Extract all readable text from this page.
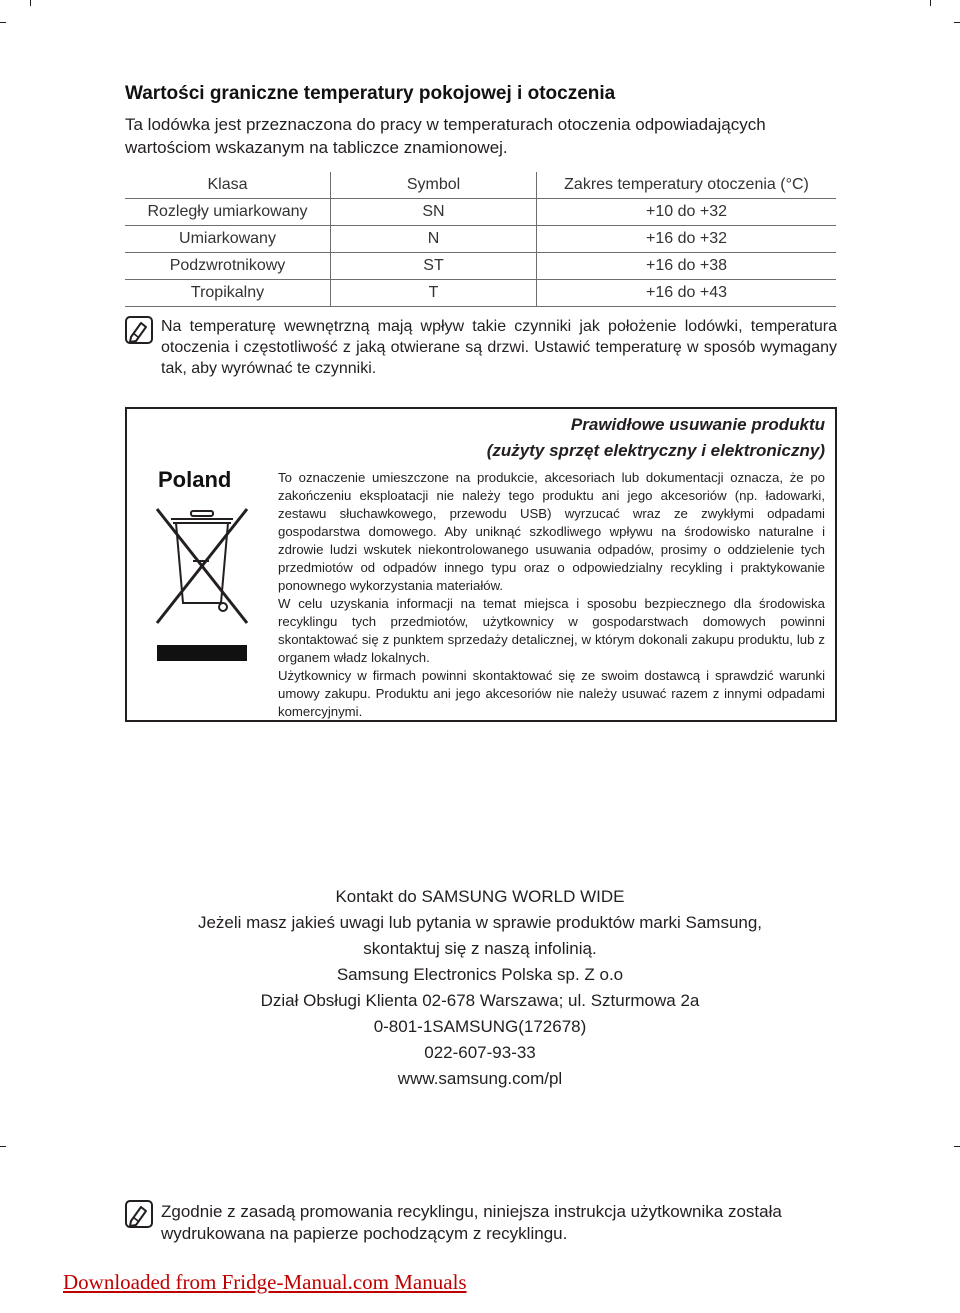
Wartości graniczne temperatury pokojowej i otoczenia
Ta lodówka jest przeznaczona do pracy w temperaturach otoczenia odpowiadających wartościom wskazanym na tabliczce znamionowej.
Klasa	Symbol	Zakres temperatury otoczenia (°C)
Rozległy umiarkowany	SN	+10 do +32
Umiarkowany	N	+16 do +32
Podzwrotnikowy	ST	+16 do +38
Tropikalny	T	+16 do +43
Na temperaturę wewnętrzną mają wpływ takie czynniki jak położenie lodówki, temperatura otoczenia i częstotliwość z jaką otwierane są drzwi. Ustawić temperaturę w sposób wymagany tak, aby wyrównać te czynniki.
Prawidłowe usuwanie produktu
(zużyty sprzęt elektryczny i elektroniczny)
Poland	To oznaczenie umieszczone na produkcie, akcesoriach lub dokumentacji oznacza, że po zakończeniu eksploatacji nie należy tego produktu ani jego akcesoriów (np. ładowarki, zestawu słuchawkowego, przewodu USB) wyrzucać wraz ze zwykłymi odpadami gospodarstwa domowego. Aby uniknąć szkodliwego wpływu na środowisko naturalne i zdrowie ludzi wskutek niekontrolowanego usuwania odpadów, prosimy o oddzielenie tych przedmiotów od odpadów innego typu oraz o odpowiedzialny recykling i praktykowanie ponownego wykorzystania materiałów.

W celu uzyskania informacji na temat miejsca i sposobu bezpiecznego dla środowiska recyklingu tych przedmiotów, użytkownicy w gospodarstwach domowych powinni skontaktować się z punktem sprzedaży detalicznej, w którym dokonali zakupu produktu, lub z organem władz lokalnych.

Użytkownicy w firmach powinni skontaktować się ze swoim dostawcą i sprawdzić warunki umowy zakupu. Produktu ani jego akcesoriów nie należy usuwać razem z innymi odpadami komercyjnymi.

Kontakt do SAMSUNG WORLD WIDE
Jeżeli masz jakieś uwagi lub pytania w sprawie produktów marki Samsung,
skontaktuj się z naszą infolinią.
Samsung Electronics Polska sp. Z o.o
Dział Obsługi Klienta 02-678 Warszawa; ul. Szturmowa 2a
0-801-1SAMSUNG(172678)
022-607-93-33
www.samsung.com/pl
Zgodnie z zasadą promowania recyklingu, niniejsza instrukcja użytkownika została wydrukowana na papierze pochodzącym z recyklingu.
Downloaded from Fridge-Manual.com Manuals
